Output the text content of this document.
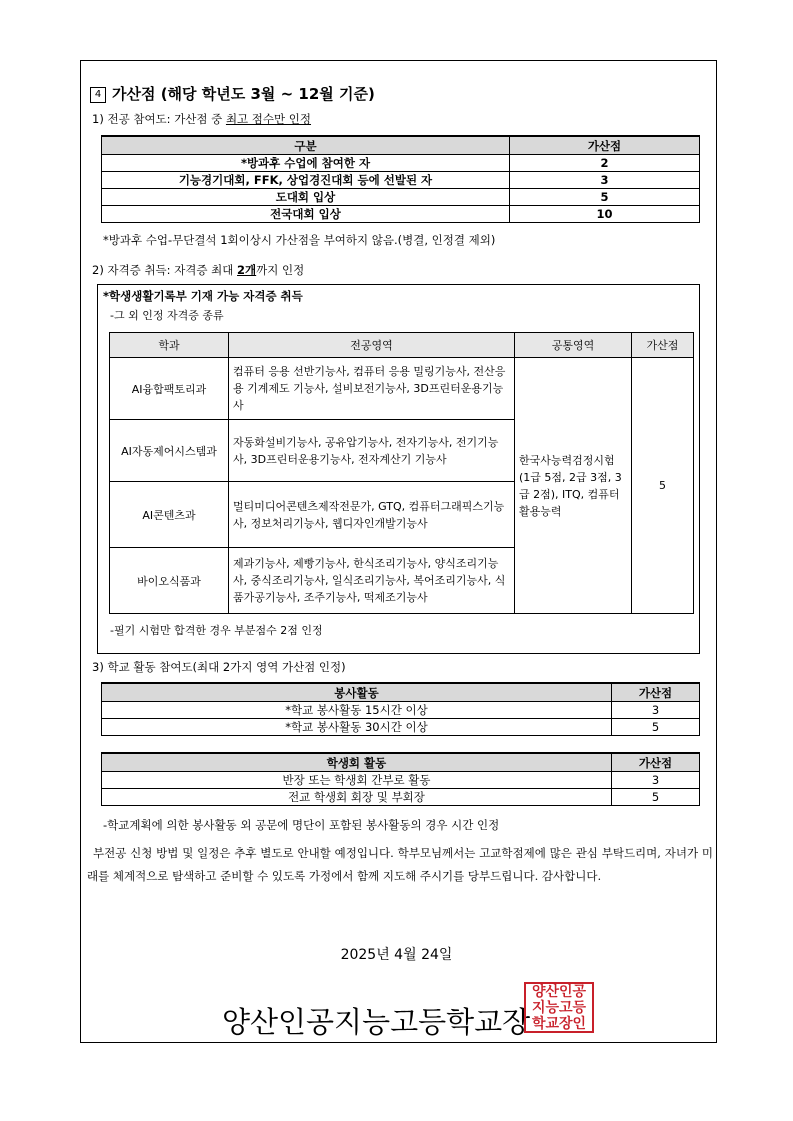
4 가산점 (해당 학년도 3월 ~ 12월 기준)
1) 전공 참여도: 가산점 중 최고 점수만 인정
구분	가산점
*방과후 수업에 참여한 자	2
기능경기대회, FFK, 상업경진대회 등에 선발된 자	3
도대회 입상	5
전국대회 입상	10
*방과후 수업-무단결석 1회이상시 가산점을 부여하지 않음.(병결, 인정결 제외)
2) 자격증 취득: 자격증 최대 2개까지 인정
*학생생활기록부 기재 가능 자격증 취득
-그 외 인정 자격증 종류
학과	전공영역	공통영역	가산점
AI융합팩토리과	컴퓨터 응용 선반기능사, 컴퓨터 응용 밀링기능사, 전산응용 기계제도 기능사, 설비보전기능사, 3D프린터운용기능사	한국사능력검정시험 (1급 5점, 2급 3점, 3급 2점), ITQ, 컴퓨터활용능력	5
AI자동제어시스템과	자동화설비기능사, 공유압기능사, 전자기능사, 전기기능사, 3D프린터운용기능사, 전자계산기 기능사		
AI콘텐츠과	멀티미디어콘텐츠제작전문가, GTQ, 컴퓨터그래픽스기능사, 정보처리기능사, 웹디자인개발기능사		
바이오식품과	제과기능사, 제빵기능사, 한식조리기능사, 양식조리기능사, 중식조리기능사, 일식조리기능사, 복어조리기능사, 식품가공기능사, 조주기능사, 떡제조기능사		
-필기 시험만 합격한 경우 부분점수 2점 인정
3) 학교 활동 참여도(최대 2가지 영역 가산점 인정)
봉사활동	가산점
*학교 봉사활동 15시간 이상	3
*학교 봉사활동 30시간 이상	5
학생회 활동	가산점
반장 또는 학생회 간부로 활동	3
전교 학생회 회장 및 부회장	5
-학교계획에 의한 봉사활동 외 공문에 명단이 포함된 봉사활동의 경우 시간 인정
부전공 신청 방법 및 일정은 추후 별도로 안내할 예정입니다. 학부모님께서는 고교학점제에 많은 관심 부탁드리며, 자녀가 미래를 체계적으로 탐색하고 준비할 수 있도록 가정에서 함께 지도해 주시기를 당부드립니다. 감사합니다.
2025년 4월 24일
양산인공지능고등학교장
양산인공
지능고등
학교장인
